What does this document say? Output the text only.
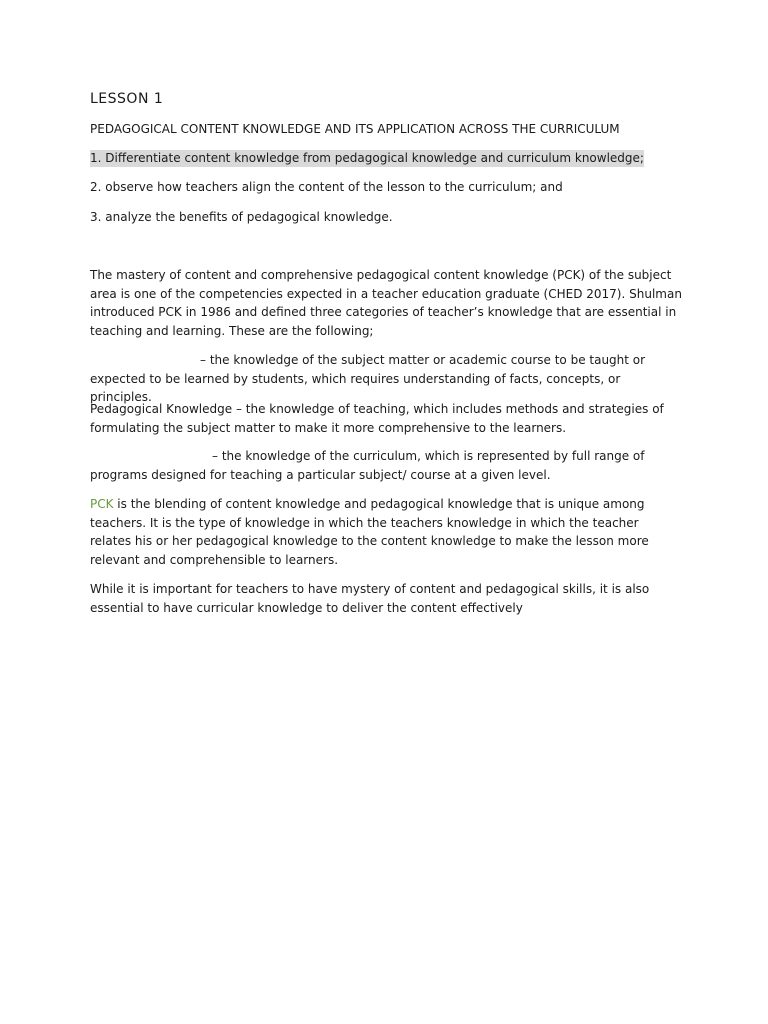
LESSON 1
PEDAGOGICAL CONTENT KNOWLEDGE AND ITS APPLICATION ACROSS THE CURRICULUM
1. Differentiate content knowledge from pedagogical knowledge and curriculum knowledge;
2. observe how teachers align the content of the lesson to the curriculum; and
3. analyze the benefits of pedagogical knowledge.

The mastery of content and comprehensive pedagogical content knowledge (PCK) of the subject area is one of the competencies expected in a teacher education graduate (CHED 2017). Shulman introduced PCK in 1986 and defined three categories of teacher’s knowledge that are essential in teaching and learning. These are the following;

– the knowledge of the subject matter or academic course to be taught or expected to be learned by students, which requires understanding of facts, concepts, or principles.

Pedagogical Knowledge – the knowledge of teaching, which includes methods and strategies of formulating the subject matter to make it more comprehensive to the learners.

– the knowledge of the curriculum, which is represented by full range of programs designed for teaching a particular subject/ course at a given level.

PCK is the blending of content knowledge and pedagogical knowledge that is unique among teachers. It is the type of knowledge in which the teachers knowledge in which the teacher relates his or her pedagogical knowledge to the content knowledge to make the lesson more relevant and comprehensible to learners.

While it is important for teachers to have mystery of content and pedagogical skills, it is also essential to have curricular knowledge to deliver the content effectively
